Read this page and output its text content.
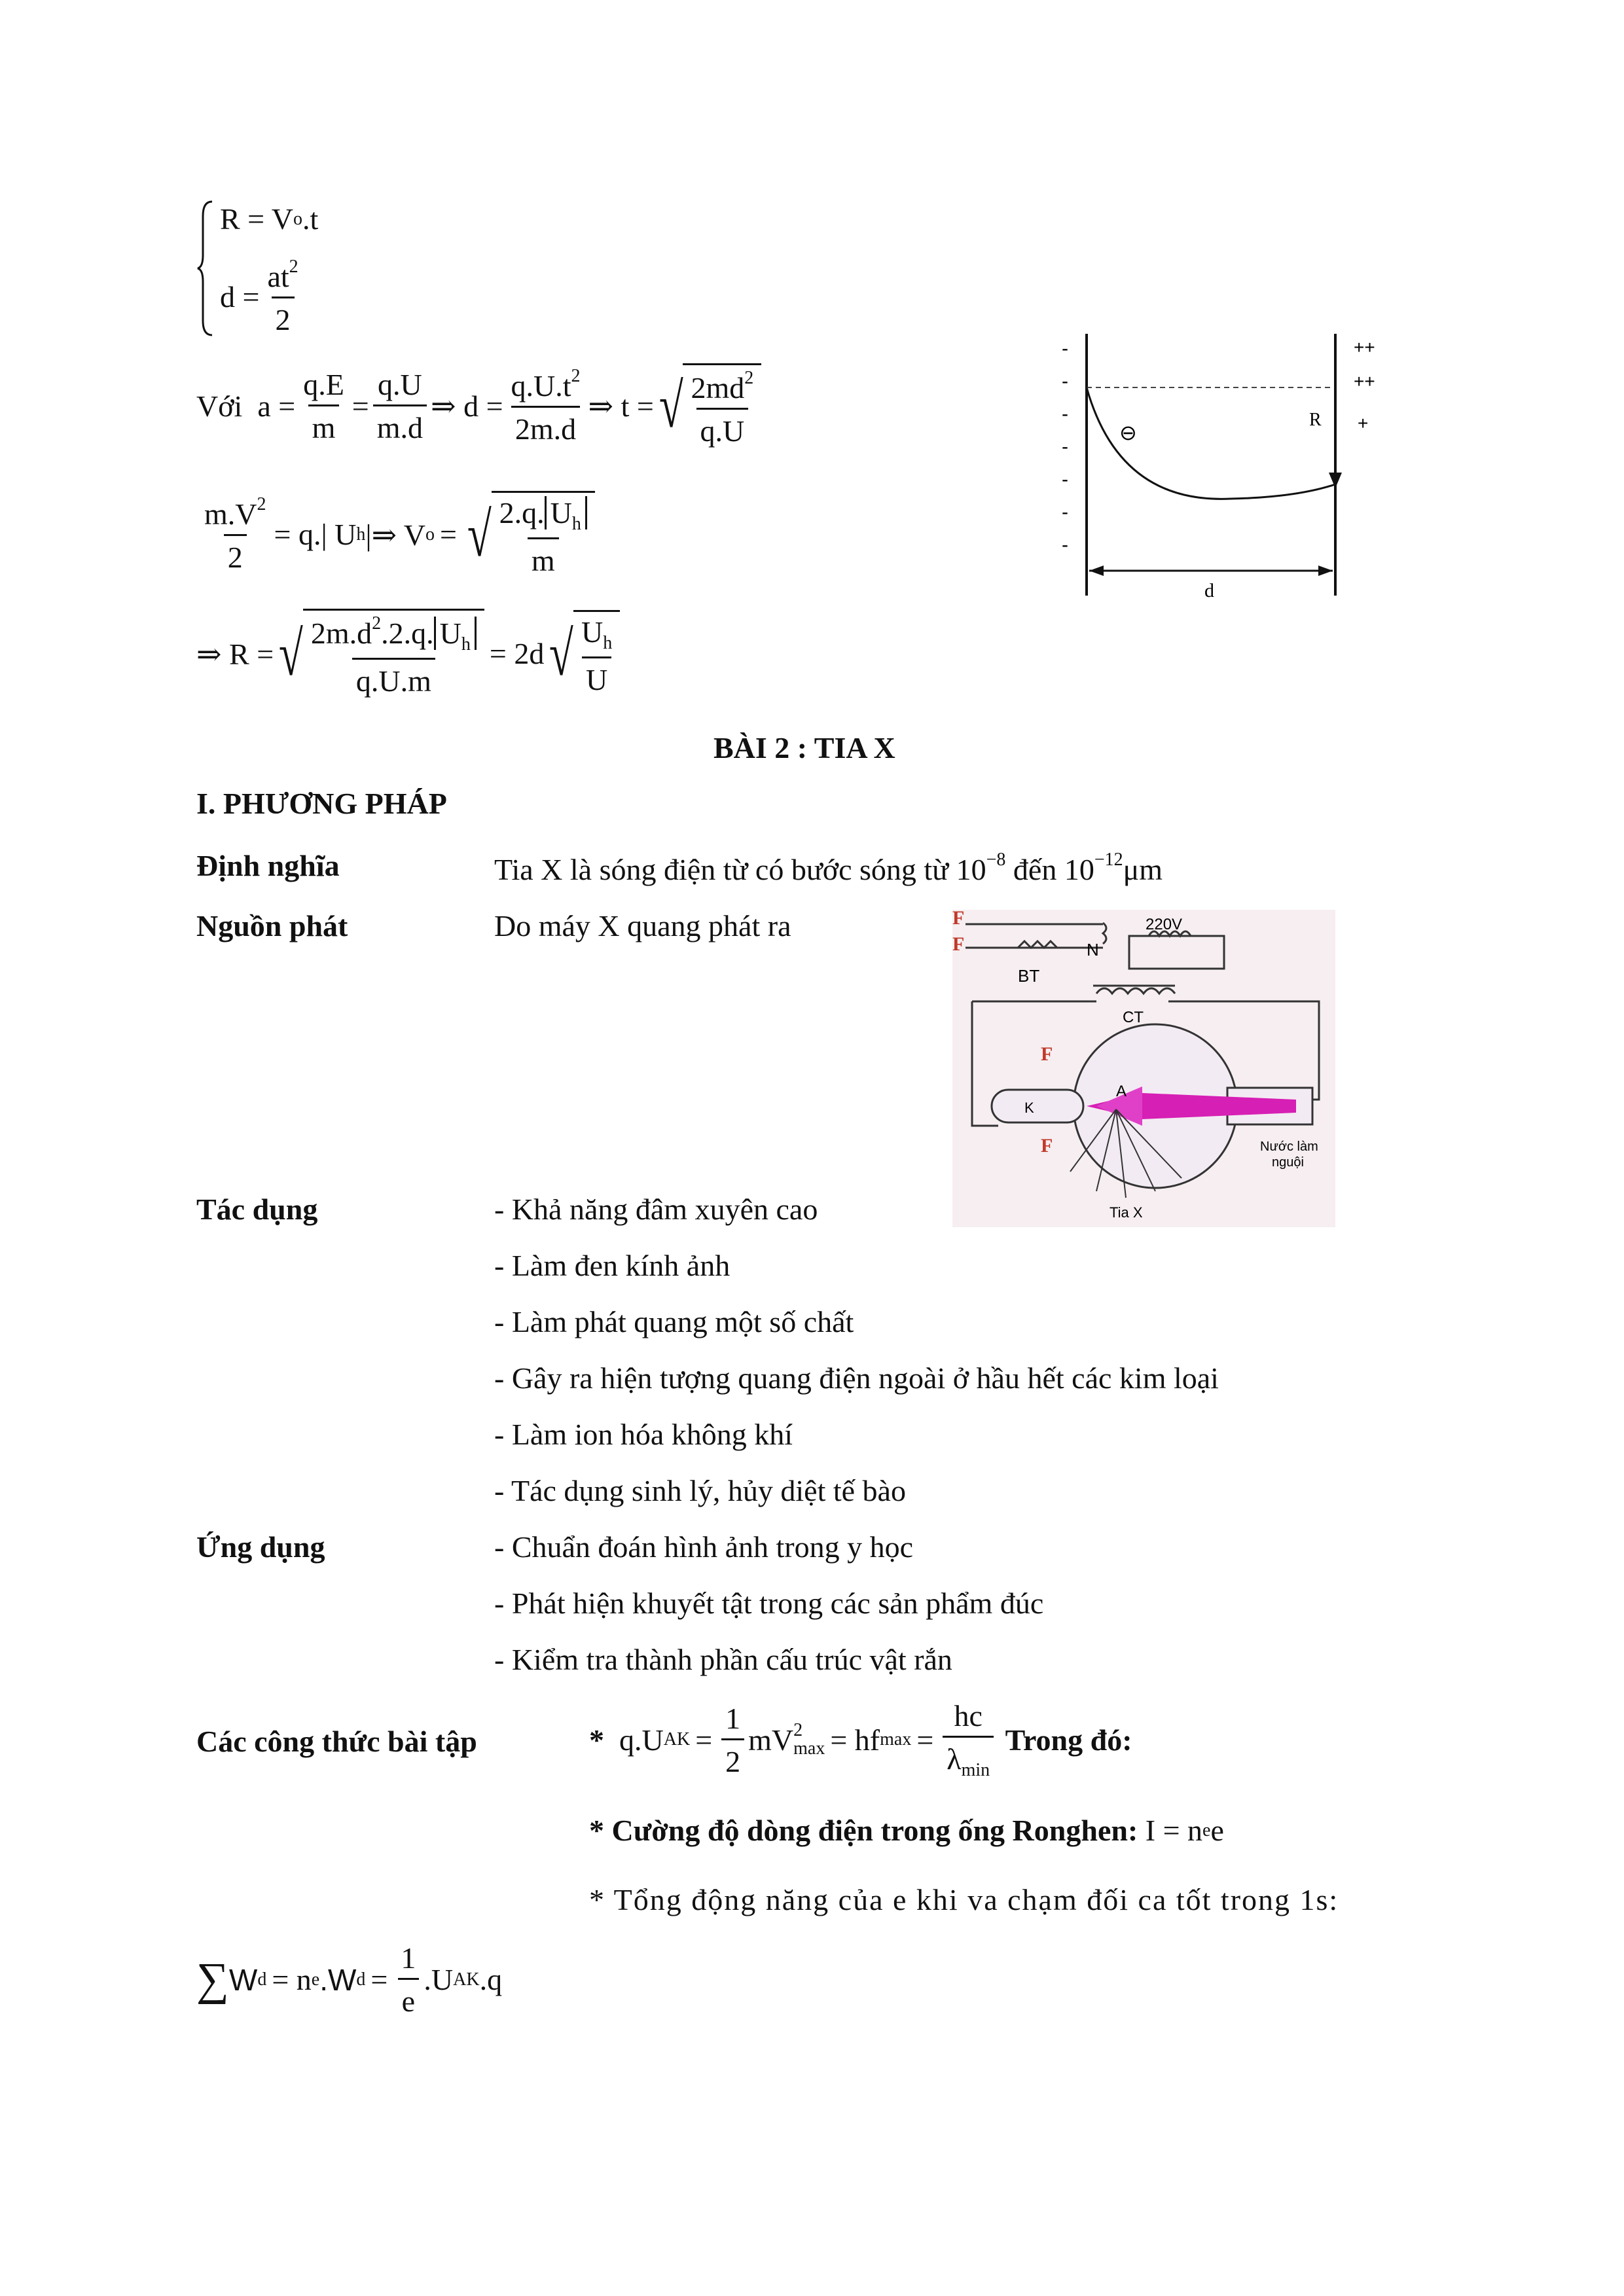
R = V o .t
$d = \frac{at^2}{2}$
Với
$a = \frac{q.E}{m} = \frac{q.U}{m.d}$ ⇒ $d = \frac{q.U.t^2}{2m.d}$ ⇒ t = √ $\frac{2md^2}{q.U}$
$\frac{m.V^2}{2} = q.|$ U h |⇒ V o = √ $\frac{2.q. U_h}{m}$
⇒ R = √ $\frac{2m.d^2.2.q. U_h}{q.U.m} = 2d$ √ $\frac{U_h}{U}$
R
⊖
d
-
-
-
-
-
-
-
++
++
+
BÀI 2 : TIA X
I. PHƯƠNG PHÁP
Định nghĩa	Tia X là sóng điện từ có bước sóng từ $10^{-8}$ đến $10^{-12}\mu m$
Nguồn phát	Do máy X quang phát ra
N
220V
BT
CT
F
F
K
A
Tia X
Nước làm
nguội
F
F
Tác dụng	- Khả năng đâm xuyên cao
- Làm đen kính ảnh
- Làm phát quang một số chất
- Gây ra hiện tượng quang điện ngoài ở hầu hết các kim loại
- Làm ion hóa không khí
- Tác dụng sinh lý, hủy diệt tế bào
Ứng dụng	- Chuẩn đoán hình ảnh trong y học
- Phát hiện khuyết tật trong các sản phẩm đúc
- Kiểm tra thành phần cấu trúc vật rắn
Các công thức bài tập	*
q.U AK = $\frac{1}{2}$ mV 2
max = hf $\max = \frac{hc}{\lambda_{min}}$
Trong đó:
* Cường độ dòng điện trong ống Ronghen:
I = n e e
* Tổng động năng của e khi va chạm đối ca tốt trong 1s:
∑ W d = n e .W $d = \frac{1}{e} .U$ AK .q
